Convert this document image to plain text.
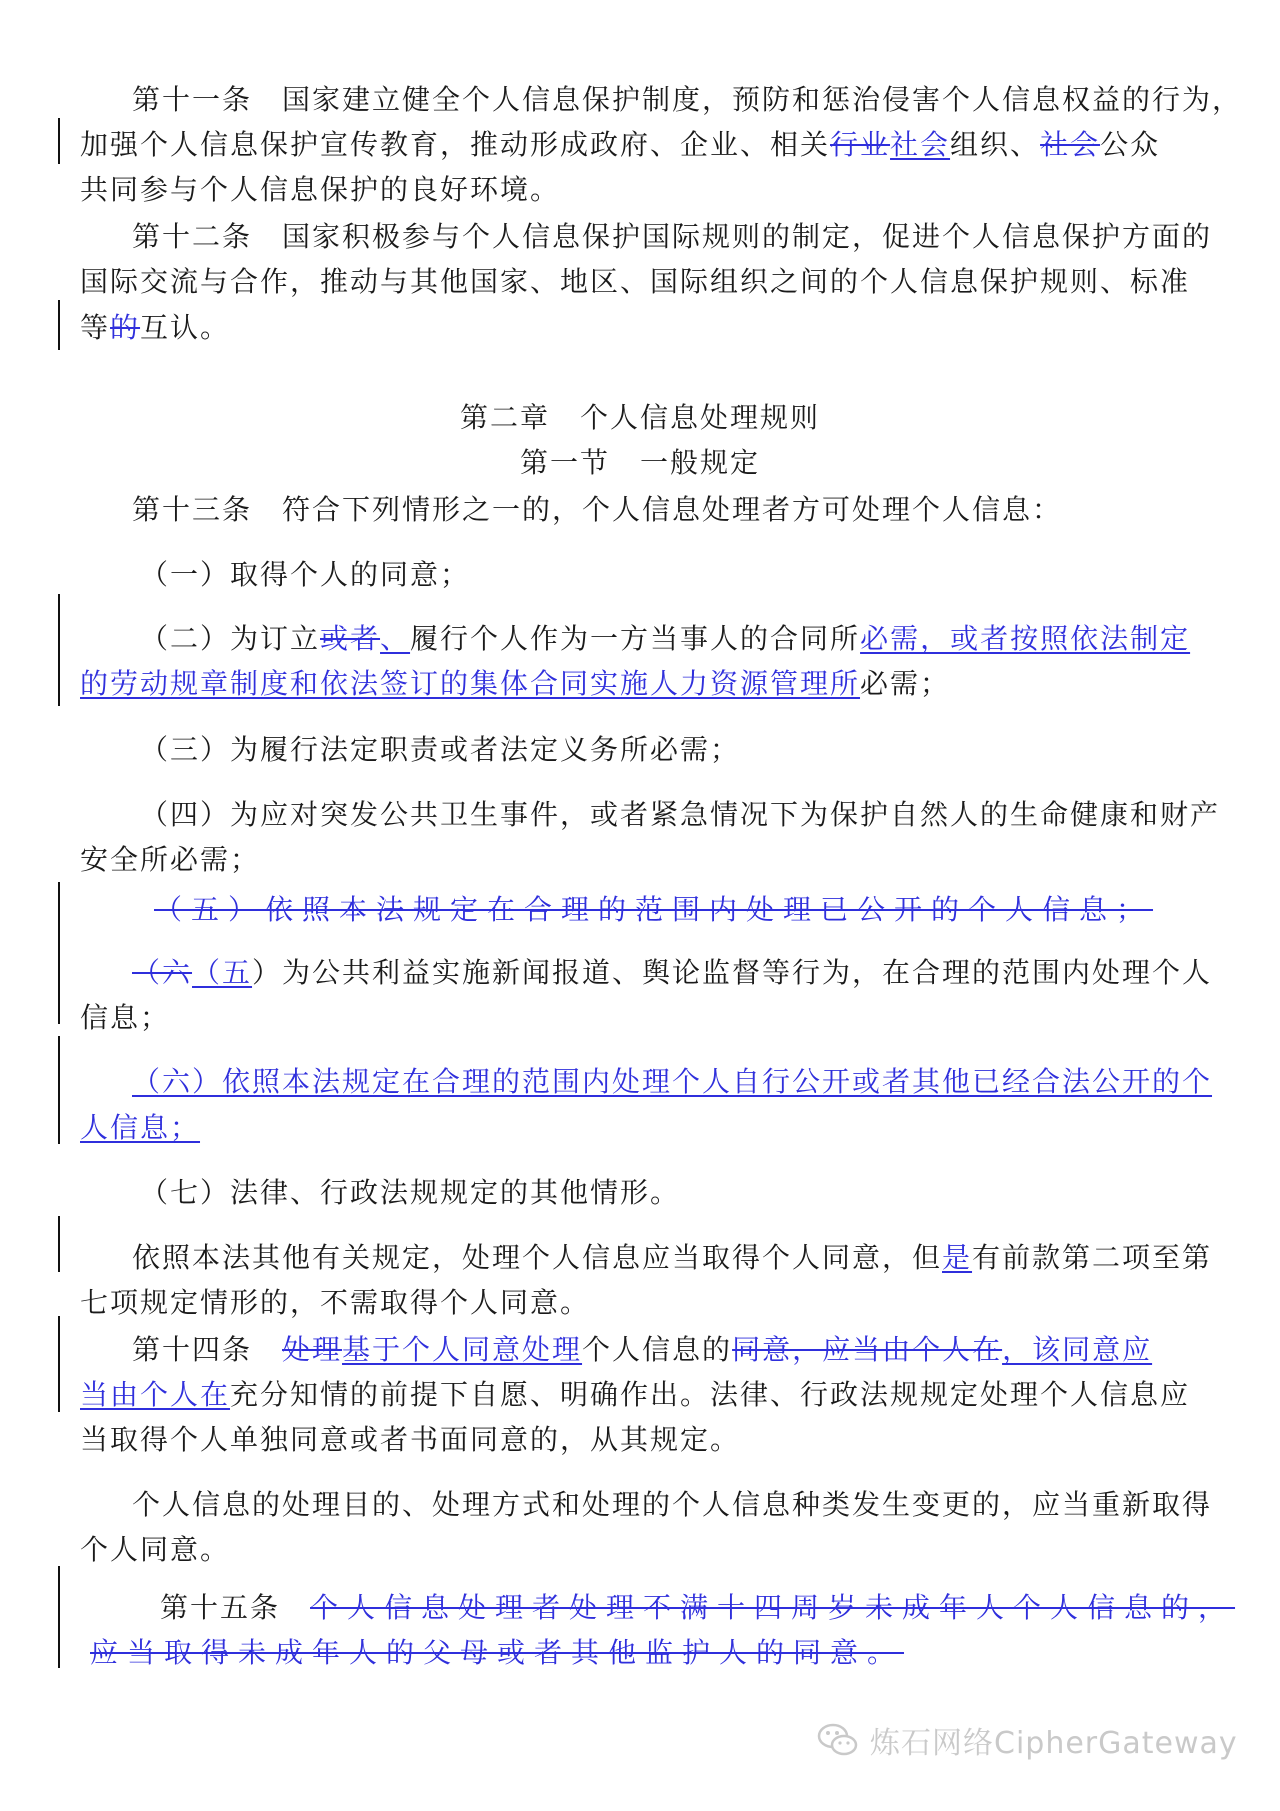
第十一条　国家建立健全个人信息保护制度，预防和惩治侵害个人信息权益的行为，
加强个人信息保护宣传教育，推动形成政府、企业、相关行业社会组织、社会公众
共同参与个人信息保护的良好环境。
第十二条　国家积极参与个人信息保护国际规则的制定，促进个人信息保护方面的
国际交流与合作，推动与其他国家、地区、国际组织之间的个人信息保护规则、标准
等的互认。
第二章　个人信息处理规则
第一节　一般规定
第十三条　符合下列情形之一的，个人信息处理者方可处理个人信息：
（一）取得个人的同意；
（二）为订立或者、履行个人作为一方当事人的合同所必需，或者按照依法制定
的劳动规章制度和依法签订的集体合同实施人力资源管理所必需；
（三）为履行法定职责或者法定义务所必需；
（四）为应对突发公共卫生事件，或者紧急情况下为保护自然人的生命健康和财产
安全所必需；
（五）依照本法规定在合理的范围内处理已公开的个人信息；
（六（五）为公共利益实施新闻报道、舆论监督等行为，在合理的范围内处理个人
信息；
（六）依照本法规定在合理的范围内处理个人自行公开或者其他已经合法公开的个
人信息；
（七）法律、行政法规规定的其他情形。
依照本法其他有关规定，处理个人信息应当取得个人同意，但是有前款第二项至第
七项规定情形的，不需取得个人同意。
第十四条　处理基于个人同意处理个人信息的同意，应当由个人在，该同意应
当由个人在充分知情的前提下自愿、明确作出。法律、行政法规规定处理个人信息应
当取得个人单独同意或者书面同意的，从其规定。
个人信息的处理目的、处理方式和处理的个人信息种类发生变更的，应当重新取得
个人同意。
第十五条　个人信息处理者处理不满十四周岁未成年人个人信息的，
应当取得未成年人的父母或者其他监护人的同意。
炼石网络CipherGateway
